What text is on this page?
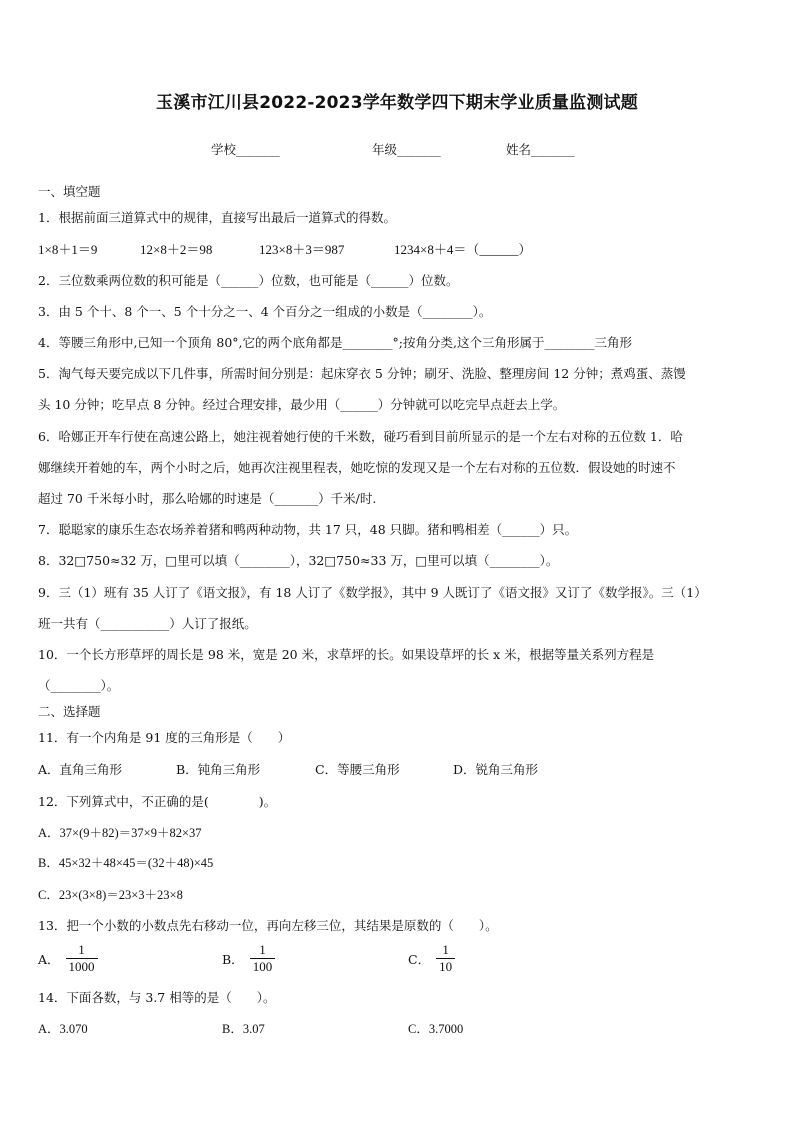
玉溪市江川县2022-2023学年数学四下期末学业质量监测试题
学校_______	年级_______	姓名_______
一、填空题
1．根据前面三道算式中的规律，直接写出最后一道算式的得数。
1×8＋1＝9	12×8＋2＝98	123×8＋3＝987	1234×8＋4＝（______）
2．三位数乘两位数的积可能是（______）位数，也可能是（______）位数。
3．由 5 个十、8 个一、5 个十分之一、4 个百分之一组成的小数是（________）。
4．等腰三角形中,已知一个顶角 80°,它的两个底角都是________°;按角分类,这个三角形属于________三角形
5．淘气每天要完成以下几件事，所需时间分别是：起床穿衣 5 分钟；刷牙、洗脸、整理房间 12 分钟；煮鸡蛋、蒸馒
头 10 分钟；吃早点 8 分钟。经过合理安排，最少用（______）分钟就可以吃完早点赶去上学。
6．哈娜正开车行使在高速公路上，她注视着她行使的千米数，碰巧看到目前所显示的是一个左右对称的五位数 1．哈
娜继续开着她的车，两个小时之后，她再次注视里程表，她吃惊的发现又是一个左右对称的五位数．假设她的时速不
超过 70 千米每小时，那么哈娜的时速是（_______）千米/时.
7．聪聪家的康乐生态农场养着猪和鸭两种动物，共 17 只，48 只脚。猪和鸭相差（______）只。
8．32□750≈32 万，□里可以填（________），32□750≈33 万，□里可以填（________）。
9．三（1）班有 35 人订了《语文报》，有 18 人订了《数学报》，其中 9 人既订了《语文报》又订了《数学报》。三（1）
班一共有（___________）人订了报纸。
10．一个长方形草坪的周长是 98 米，宽是 20 米，求草坪的长。如果设草坪的长 x 米，根据等量关系列方程是
（________）。
二、选择题
11．有一个内角是 91 度的三角形是（　　）
A．直角三角形	B．钝角三角形	C．等腰三角形	D．锐角三角形
12．下列算式中，不正确的是(　　　　)。
A．37×(9＋82)＝37×9＋82×37
B．45×32＋48×45＝(32＋48)×45
C．23×(3×8)＝23×3＋23×8
13．把一个小数的小数点先右移动一位，再向左移三位，其结果是原数的（　　）。
A． $\frac{1}{1000}$	B． $\frac{1}{100}$	C． $\frac{1}{10}$
14．下面各数，与 3.7 相等的是（　　）。
A．3.070	B．3.07	C．3.7000
